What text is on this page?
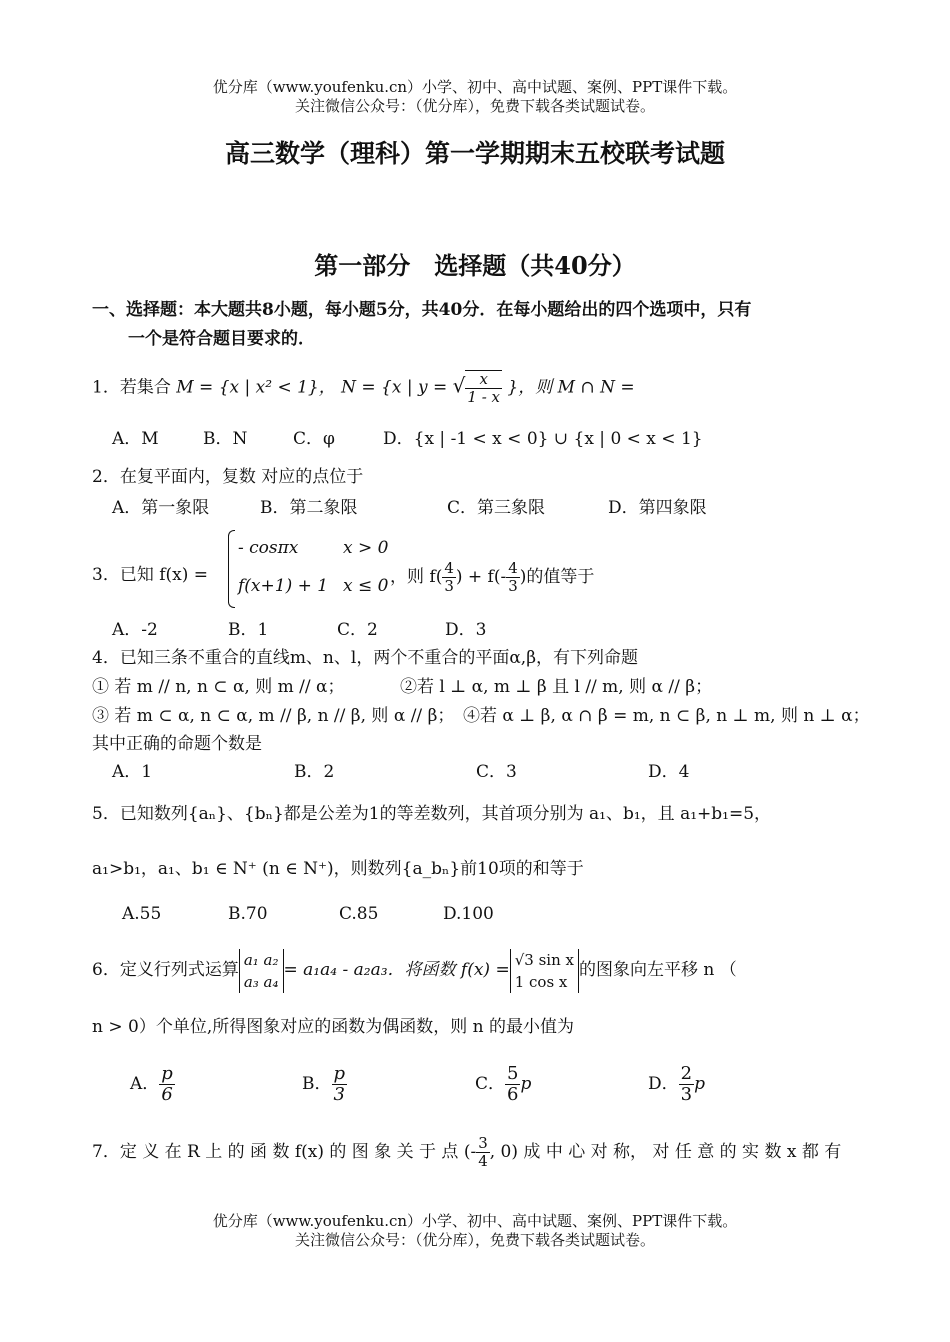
优分库（www.youfenku.cn）小学、初中、高中试题、案例、PPT课件下载。
关注微信公众号：（优分库），免费下载各类试题试卷。
高三数学（理科）第一学期期末五校联考试题
第一部分　选择题（共40分）
一、选择题：本大题共8小题，每小题5分，共40分．在每小题给出的四个选项中，只有
一个是符合题目要求的．
1．若集合 M = {x | x² < 1}， N = {x | y = √ $\frac{x}{1 - x}$ }，则 M ∩ N =
A．M	B．N	C．φ	D．{x | -1 < x < 0} ∪ {x | 0 < x < 1}
2．在复平面内，复数 对应的点位于
A．第一象限	B．第二象限	C．第三象限	D．第四象限
3．已知 f(x) =
- cosπx	x > 0
f(x+1) + 1 x ≤ 0 ，则 $f( \frac{4}{3}$ ) + $f(- \frac{4}{3}$ )的值等于
A．-2	B．1	C．2	D．3
4．已知三条不重合的直线m、n、l，两个不重合的平面α,β，有下列命题
① 若 m // n, n ⊂ α, 则 m // α；	②若 l ⊥ α, m ⊥ β 且 l // m, 则 α // β；
③ 若 m ⊂ α, n ⊂ α, m // β, n // β, 则 α // β； ④若 α ⊥ β, α ∩ β = m, n ⊂ β, n ⊥ m, 则 n ⊥ α；
其中正确的命题个数是
A．1	B．2	C．3	D．4
5．已知数列{aₙ}、{bₙ}都是公差为1的等差数列，其首项分别为 a₁、b₁，且 a₁+b₁=5，
a₁>b₁，a₁、b₁ ∈ N⁺ (n ∈ N⁺)，则数列{a_bₙ}前10项的和等于
A.55	B.70	C.85	D.100
6．定义行列式运算
a₁ a₂
a₃ a₄
= a₁a₄ - a₂a₃．将函数 f(x) =
√3 sin x
1 cos x
的图象向左平移 n （
n > 0）个单位,所得图象对应的函数为偶函数，则 n 的最小值为
A． $\frac{p}{6}$	B． $\frac{p}{3}$	C． $\frac{5}{6}$ p	D． $\frac{2}{3}$ p
7．定 义 在 R 上 的 函 数 f(x) 的 图 象 关 于 点 (- $\frac{3}{4}$ , 0) 成 中 心 对 称， 对 任 意 的 实 数 x 都 有
优分库（www.youfenku.cn）小学、初中、高中试题、案例、PPT课件下载。
关注微信公众号：（优分库），免费下载各类试题试卷。
